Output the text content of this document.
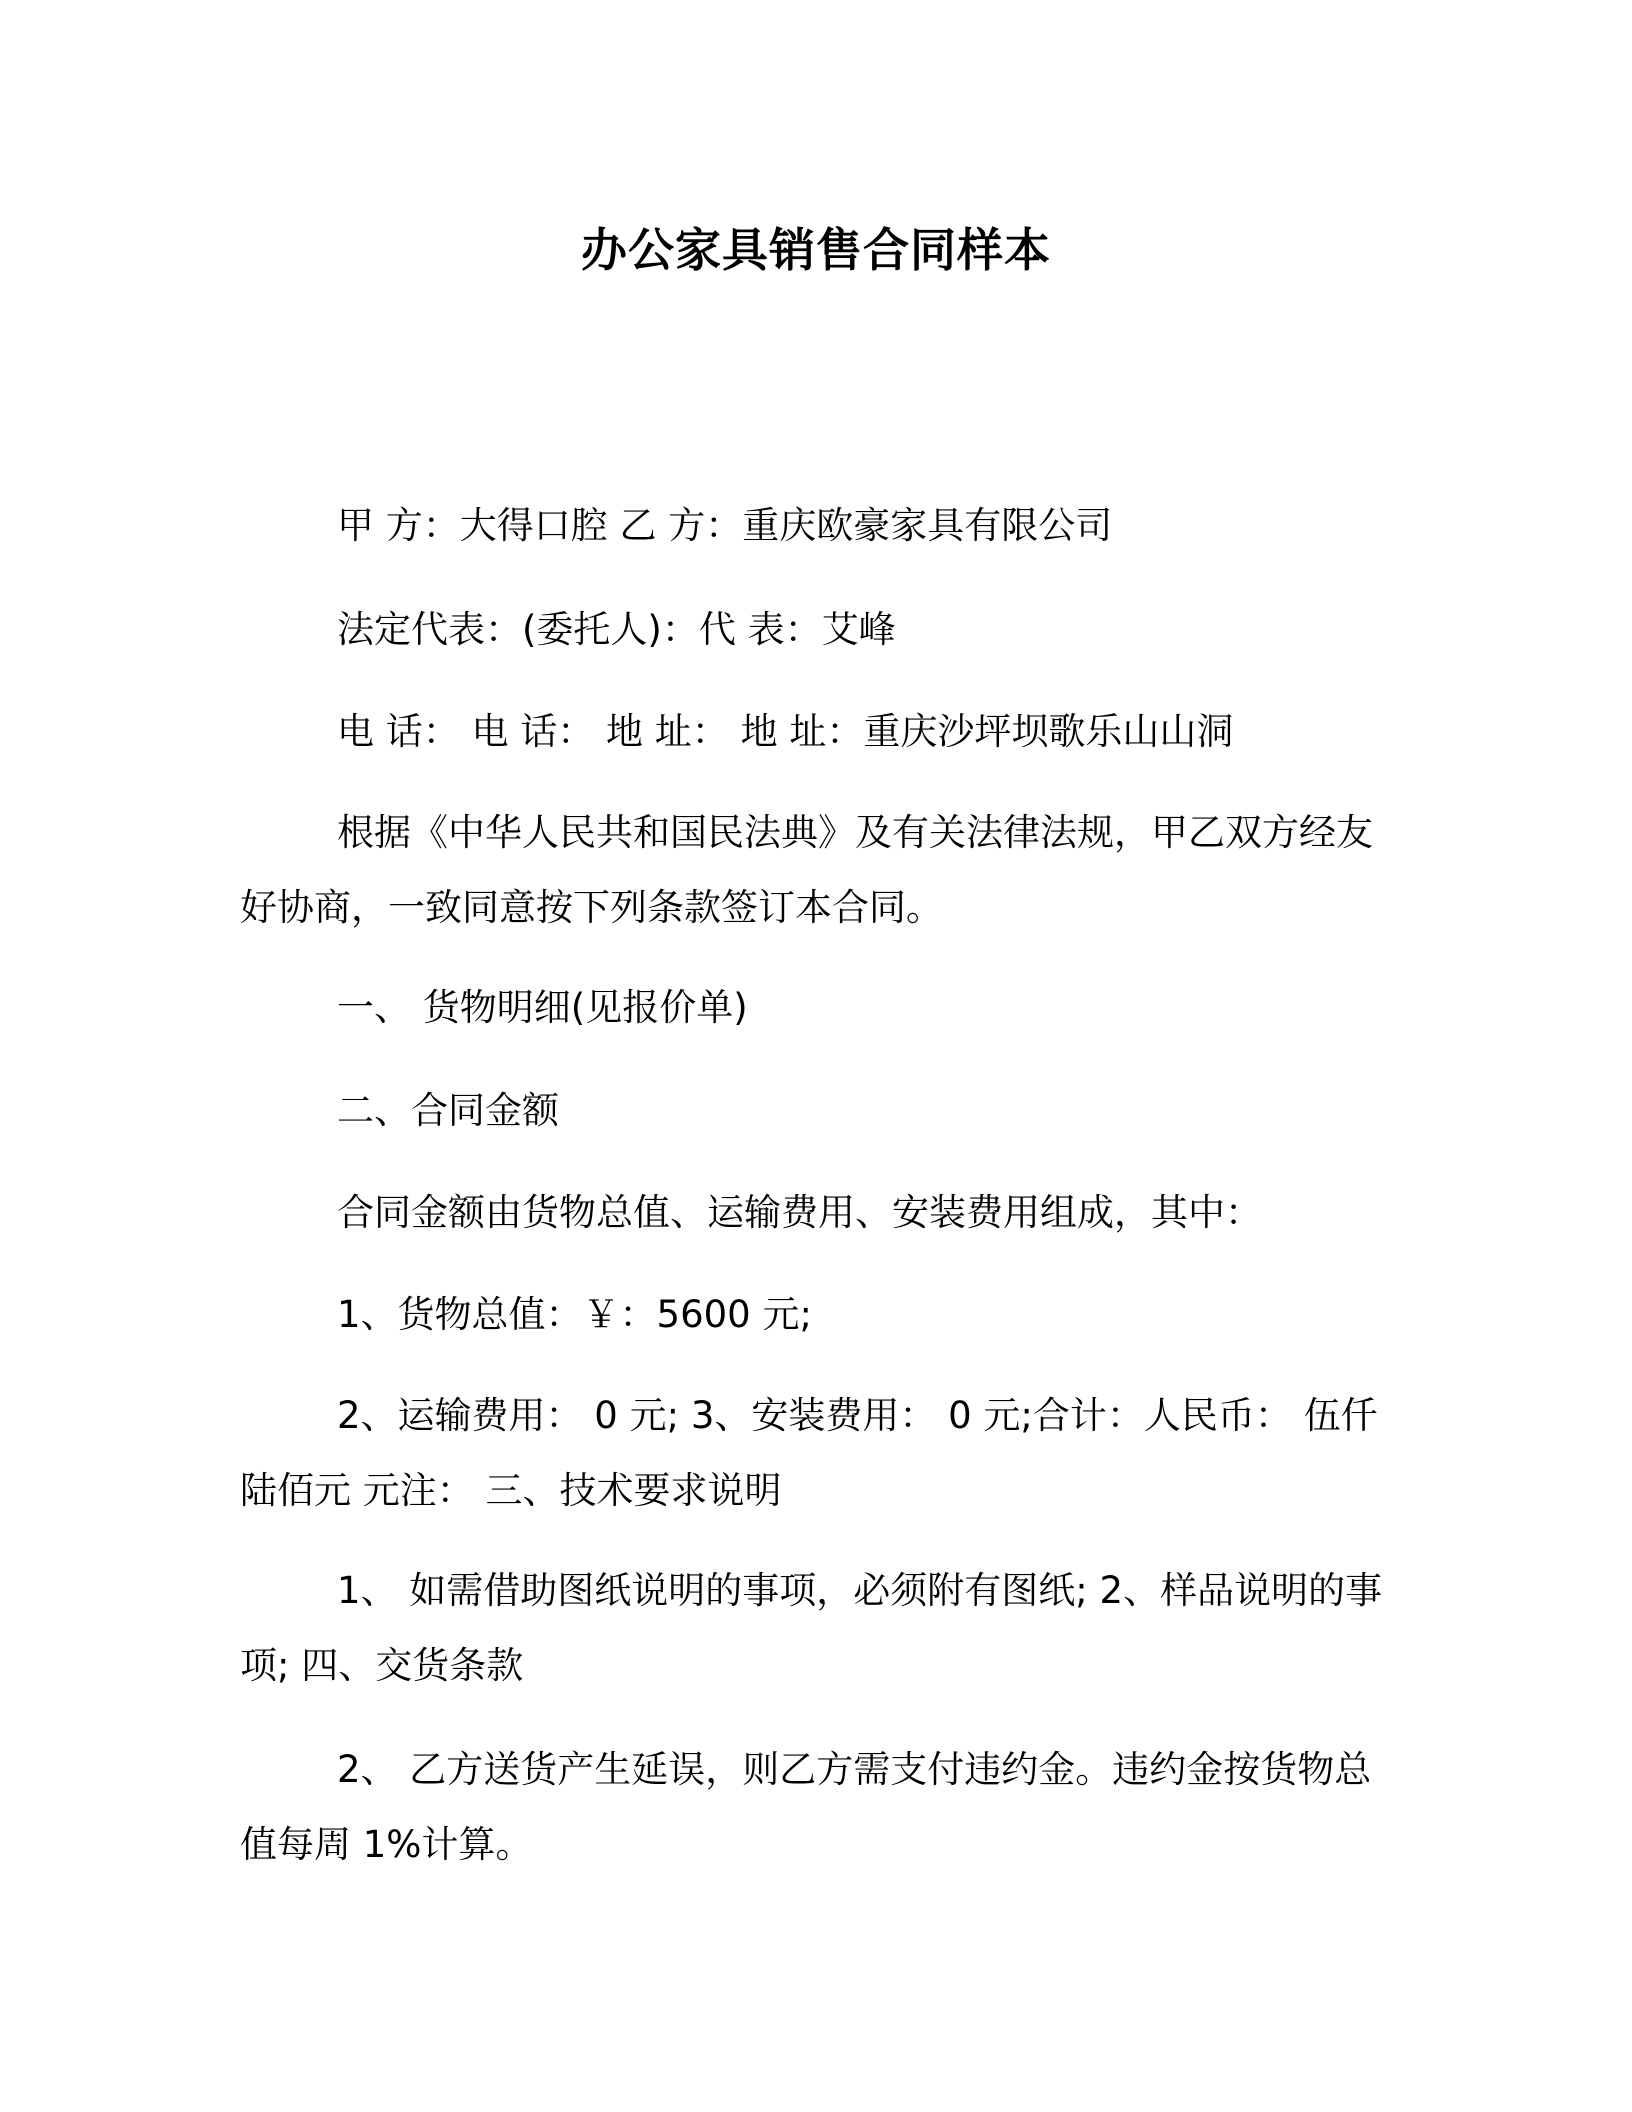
办公家具销售合同样本
甲 方：大得口腔 乙 方：重庆欧豪家具有限公司
法定代表：(委托人)：代 表：艾峰
电 话： 电 话： 地 址： 地 址：重庆沙坪坝歌乐山山洞
根据《中华人民共和国民法典》及有关法律法规，甲乙双方经友好协商，一致同意按下列条款签订本合同。
一、 货物明细(见报价单)
二、合同金额
合同金额由货物总值、运输费用、安装费用组成，其中：
1、货物总值：￥：5600 元;
2、运输费用： 0 元; 3、安装费用： 0 元;合计：人民币： 伍仟陆佰元 元注： 三、技术要求说明
1、 如需借助图纸说明的事项，必须附有图纸; 2、样品说明的事项; 四、交货条款
2、 乙方送货产生延误，则乙方需支付违约金。违约金按货物总值每周 1%计算。
